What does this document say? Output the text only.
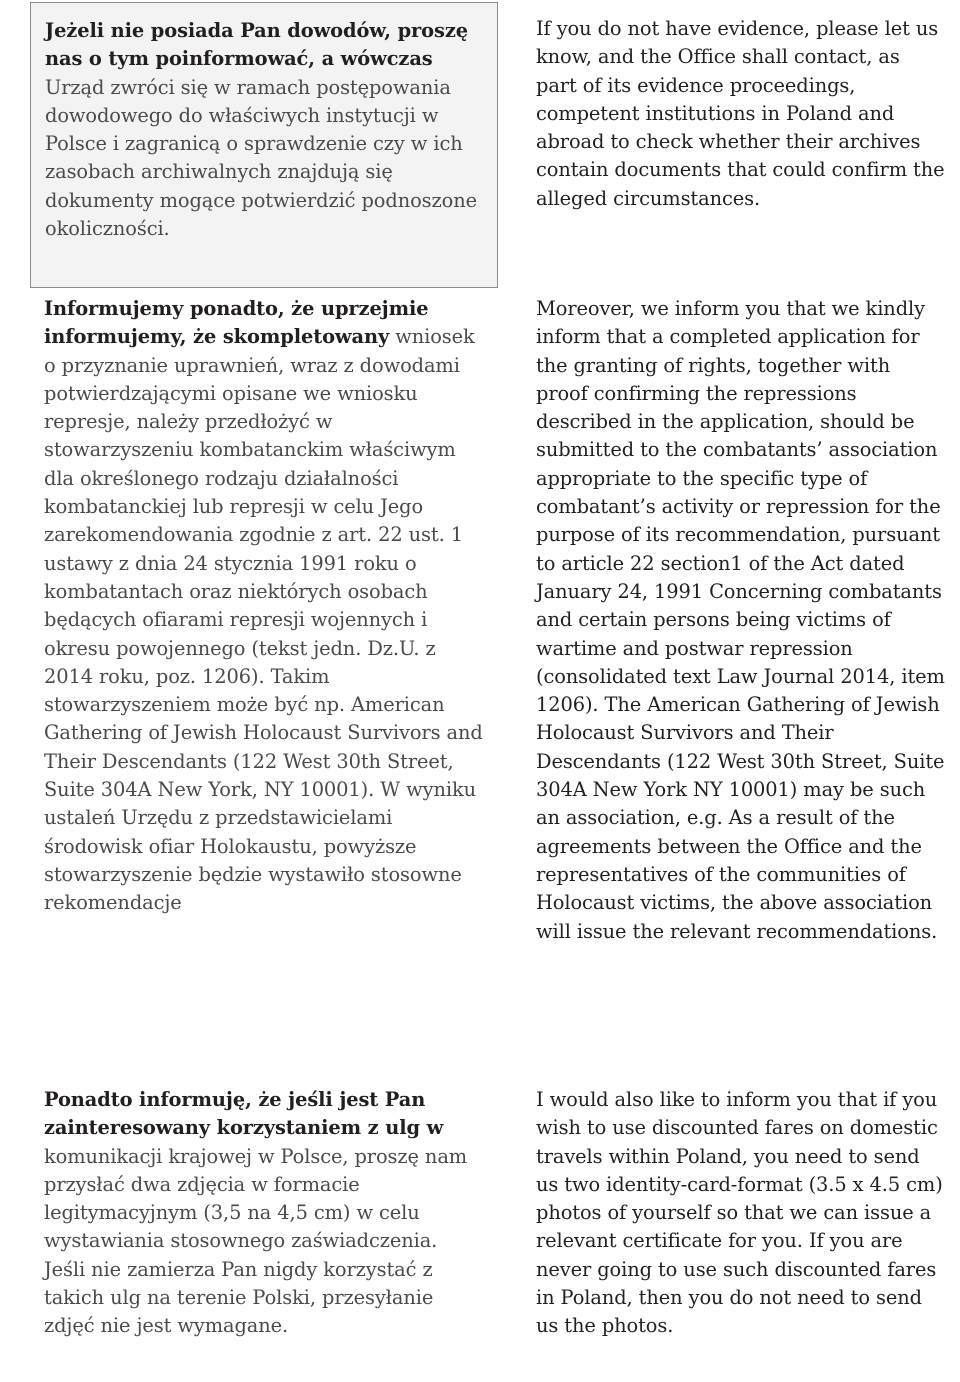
Jeżeli nie posiada Pan dowodów, proszę nas o tym poinformować, a wówczas Urząd zwróci się w ramach postępowania dowodowego do właściwych instytucji w Polsce i zagranicą o sprawdzenie czy w ich zasobach archiwalnych znajdują się dokumenty mogące potwierdzić podnoszone okoliczności.

If you do not have evidence, please let us know, and the Office shall contact, as part of its evidence proceedings, competent institutions in Poland and abroad to check whether their archives contain documents that could confirm the alleged circumstances.

Informujemy ponadto, że uprzejmie informujemy, że skompletowany wniosek o przyznanie uprawnień, wraz z dowodami potwierdzającymi opisane we wniosku represje, należy przedłożyć w stowarzyszeniu kombatanckim właściwym dla określonego rodzaju działalności kombatanckiej lub represji w celu Jego zarekomendowania zgodnie z art. 22 ust. 1 ustawy z dnia 24 stycznia 1991 roku o kombatantach oraz niektórych osobach będących ofiarami represji wojennych i okresu powojennego (tekst jedn. Dz.U. z 2014 roku, poz. 1206). Takim stowarzyszeniem może być np. American Gathering of Jewish Holocaust Survivors and Their Descendants (122 West 30th Street, Suite 304A New York, NY 10001). W wyniku ustaleń Urzędu z przedstawicielami środowisk ofiar Holokaustu, powyższe stowarzyszenie będzie wystawiło stosowne rekomendacje

Moreover, we inform you that we kindly inform that a completed application for the granting of rights, together with proof confirming the repressions described in the application, should be submitted to the combatants’ association appropriate to the specific type of combatant’s activity or repression for the purpose of its recommendation, pursuant to article 22 section1 of the Act dated January 24, 1991 Concerning combatants and certain persons being victims of wartime and postwar repression (consolidated text Law Journal 2014, item 1206). The American Gathering of Jewish Holocaust Survivors and Their Descendants (122 West 30th Street, Suite 304A New York NY 10001) may be such an association, e.g. As a result of the agreements between the Office and the representatives of the communities of Holocaust victims, the above association will issue the relevant recommendations.

Ponadto informuję, że jeśli jest Pan zainteresowany korzystaniem z ulg w komunikacji krajowej w Polsce, proszę nam przysłać dwa zdjęcia w formacie legitymacyjnym (3,5 na 4,5 cm) w celu wystawiania stosownego zaświadczenia. Jeśli nie zamierza Pan nigdy korzystać z takich ulg na terenie Polski, przesyłanie zdjęć nie jest wymagane.

I would also like to inform you that if you wish to use discounted fares on domestic travels within Poland, you need to send us two identity-card-format (3.5 x 4.5 cm) photos of yourself so that we can issue a relevant certificate for you. If you are never going to use such discounted fares in Poland, then you do not need to send us the photos.
